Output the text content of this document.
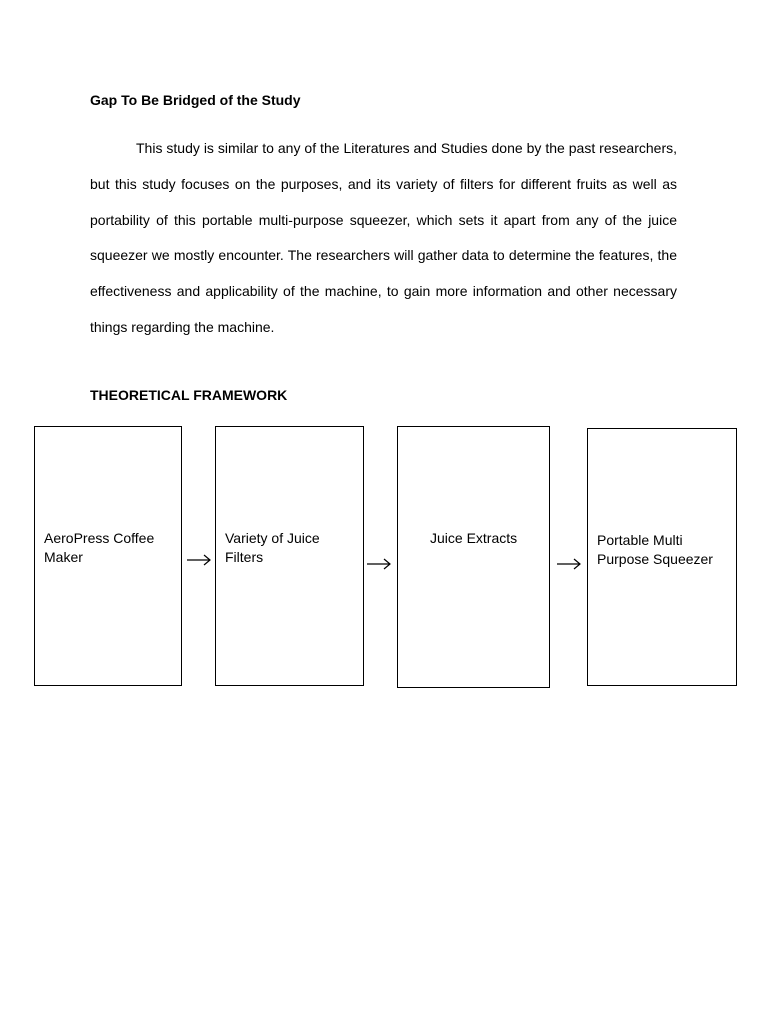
Gap To Be Bridged of the Study

This study is similar to any of the Literatures and Studies done by the past researchers, but this study focuses on the purposes, and its variety of filters for different fruits as well as portability of this portable multi-purpose squeezer, which sets it apart from any of the juice squeezer we mostly encounter. The researchers will gather data to determine the features, the effectiveness and applicability of the machine, to gain more information and other necessary things regarding the machine.

THEORETICAL FRAMEWORK
AeroPress Coffee
Maker
Variety of Juice
Filters
Juice Extracts	Portable Multi
Purpose Squeezer
